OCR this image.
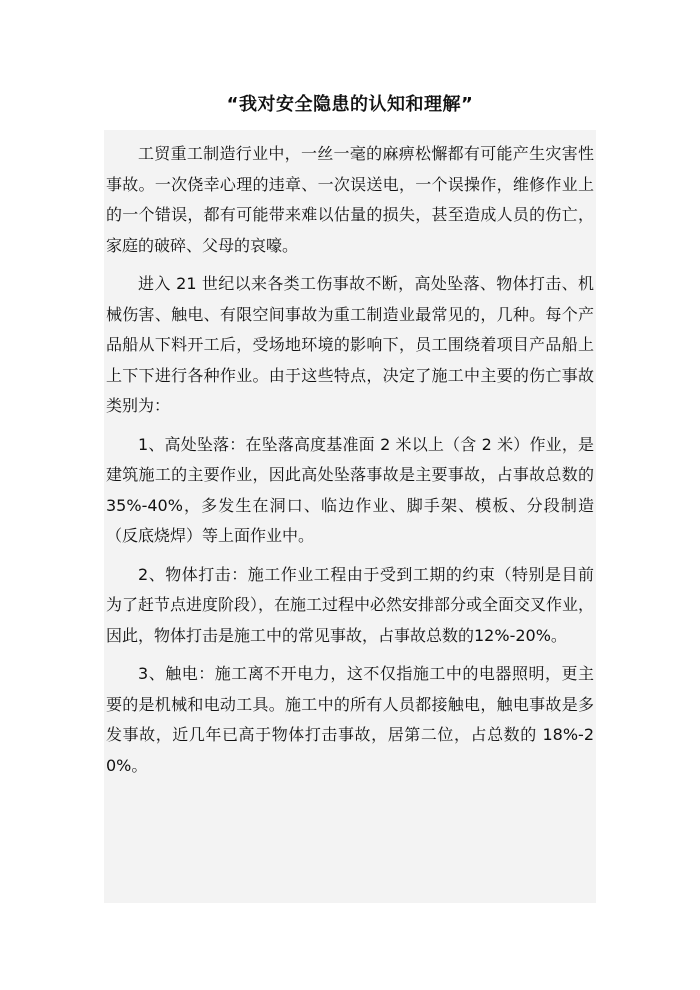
“我对安全隐患的认知和理解”

工贸重工制造行业中，一丝一毫的麻痹松懈都有可能产生灾害性事故。一次侥幸心理的违章、一次误送电，一个误操作，维修作业上的一个错误，都有可能带来难以估量的损失，甚至造成人员的伤亡，家庭的破碎、父母的哀嚎。

进入 21 世纪以来各类工伤事故不断，高处坠落、物体打击、机械伤害、触电、有限空间事故为重工制造业最常见的，几种。每个产品船从下料开工后，受场地环境的影响下，员工围绕着项目产品船上上下下进行各种作业。由于这些特点，决定了施工中主要的伤亡事故类别为：

1、高处坠落：在坠落高度基准面 2 米以上（含 2 米）作业，是建筑施工的主要作业，因此高处坠落事故是主要事故，占事故总数的 35%-40%，多发生在洞口、临边作业、脚手架、模板、分段制造（反底烧焊）等上面作业中。

2、物体打击：施工作业工程由于受到工期的约束（特别是目前为了赶节点进度阶段），在施工过程中必然安排部分或全面交叉作业，因此，物体打击是施工中的常见事故，占事故总数的12%-20%。

3、触电：施工离不开电力，这不仅指施工中的电器照明，更主要的是机械和电动工具。施工中的所有人员都接触电，触电事故是多发事故，近几年已高于物体打击事故，居第二位，占总数的 18%-20%。
